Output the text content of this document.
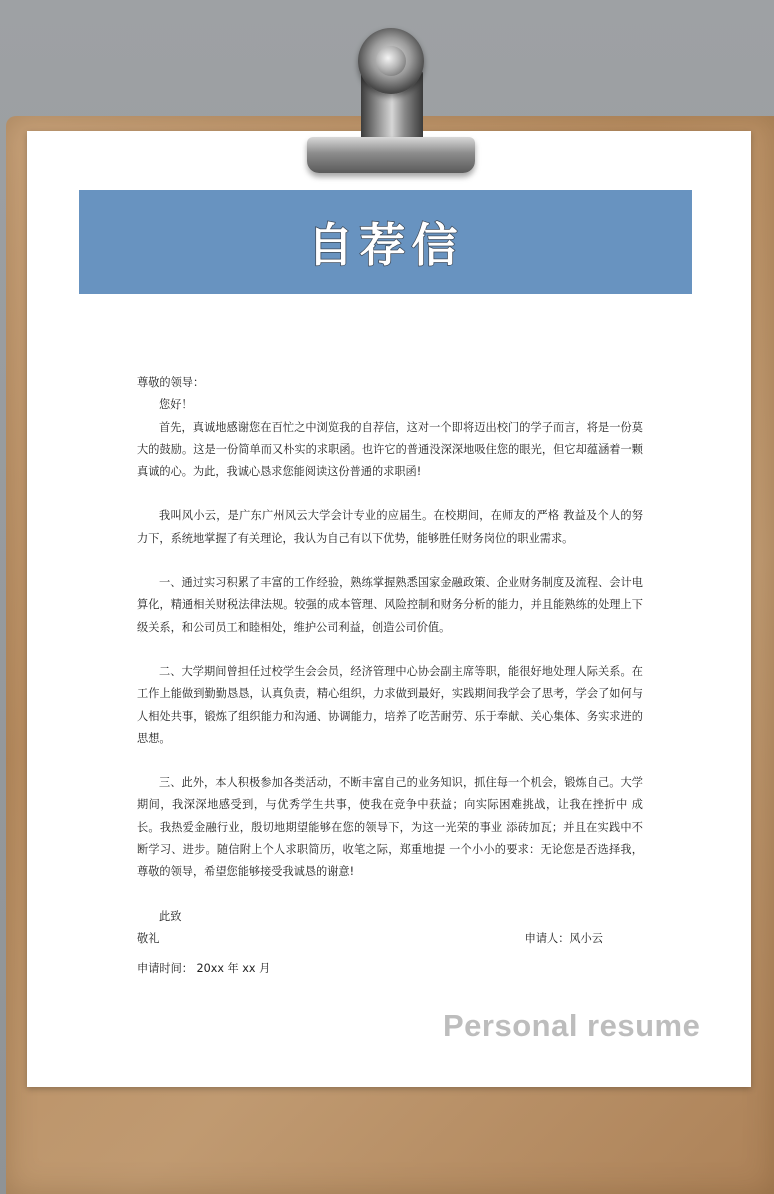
自荐信

尊敬的领导：

您好！

首先，真诚地感谢您在百忙之中浏览我的自荐信，这对一个即将迈出校门的学子而言，将是一份莫大的鼓励。这是一份简单而又朴实的求职函。也许它的普通没深深地吸住您的眼光，但它却蕴涵着一颗真诚的心。为此，我诚心恳求您能阅读这份普通的求职函!

我叫风小云，是广东广州风云大学会计专业的应届生。在校期间，在师友的严格 教益及个人的努力下，系统地掌握了有关理论，我认为自己有以下优势，能够胜任财务岗位的职业需求。

一、通过实习积累了丰富的工作经验，熟练掌握熟悉国家金融政策、企业财务制度及流程、会计电算化，精通相关财税法律法规。较强的成本管理、风险控制和财务分析的能力，并且能熟练的处理上下级关系，和公司员工和睦相处，维护公司利益，创造公司价值。

二、大学期间曾担任过校学生会会员，经济管理中心协会副主席等职，能很好地处理人际关系。在工作上能做到勤勤恳恳，认真负责，精心组织，力求做到最好，实践期间我学会了思考，学会了如何与人相处共事，锻炼了组织能力和沟通、协调能力，培养了吃苦耐劳、乐于奉献、关心集体、务实求进的思想。

三、此外，本人积极参加各类活动，不断丰富自己的业务知识，抓住每一个机会，锻炼自己。大学期间，我深深地感受到，与优秀学生共事，使我在竞争中获益；向实际困难挑战，让我在挫折中 成长。我热爱金融行业，殷切地期望能够在您的领导下，为这一光荣的事业 添砖加瓦；并且在实践中不断学习、进步。随信附上个人求职简历，收笔之际，郑重地提 一个小小的要求：无论您是否选择我，尊敬的领导，希望您能够接受我诚恳的谢意!

此致

敬礼	申请人：风小云

申请时间： 20xx 年 xx 月

Personal resume
